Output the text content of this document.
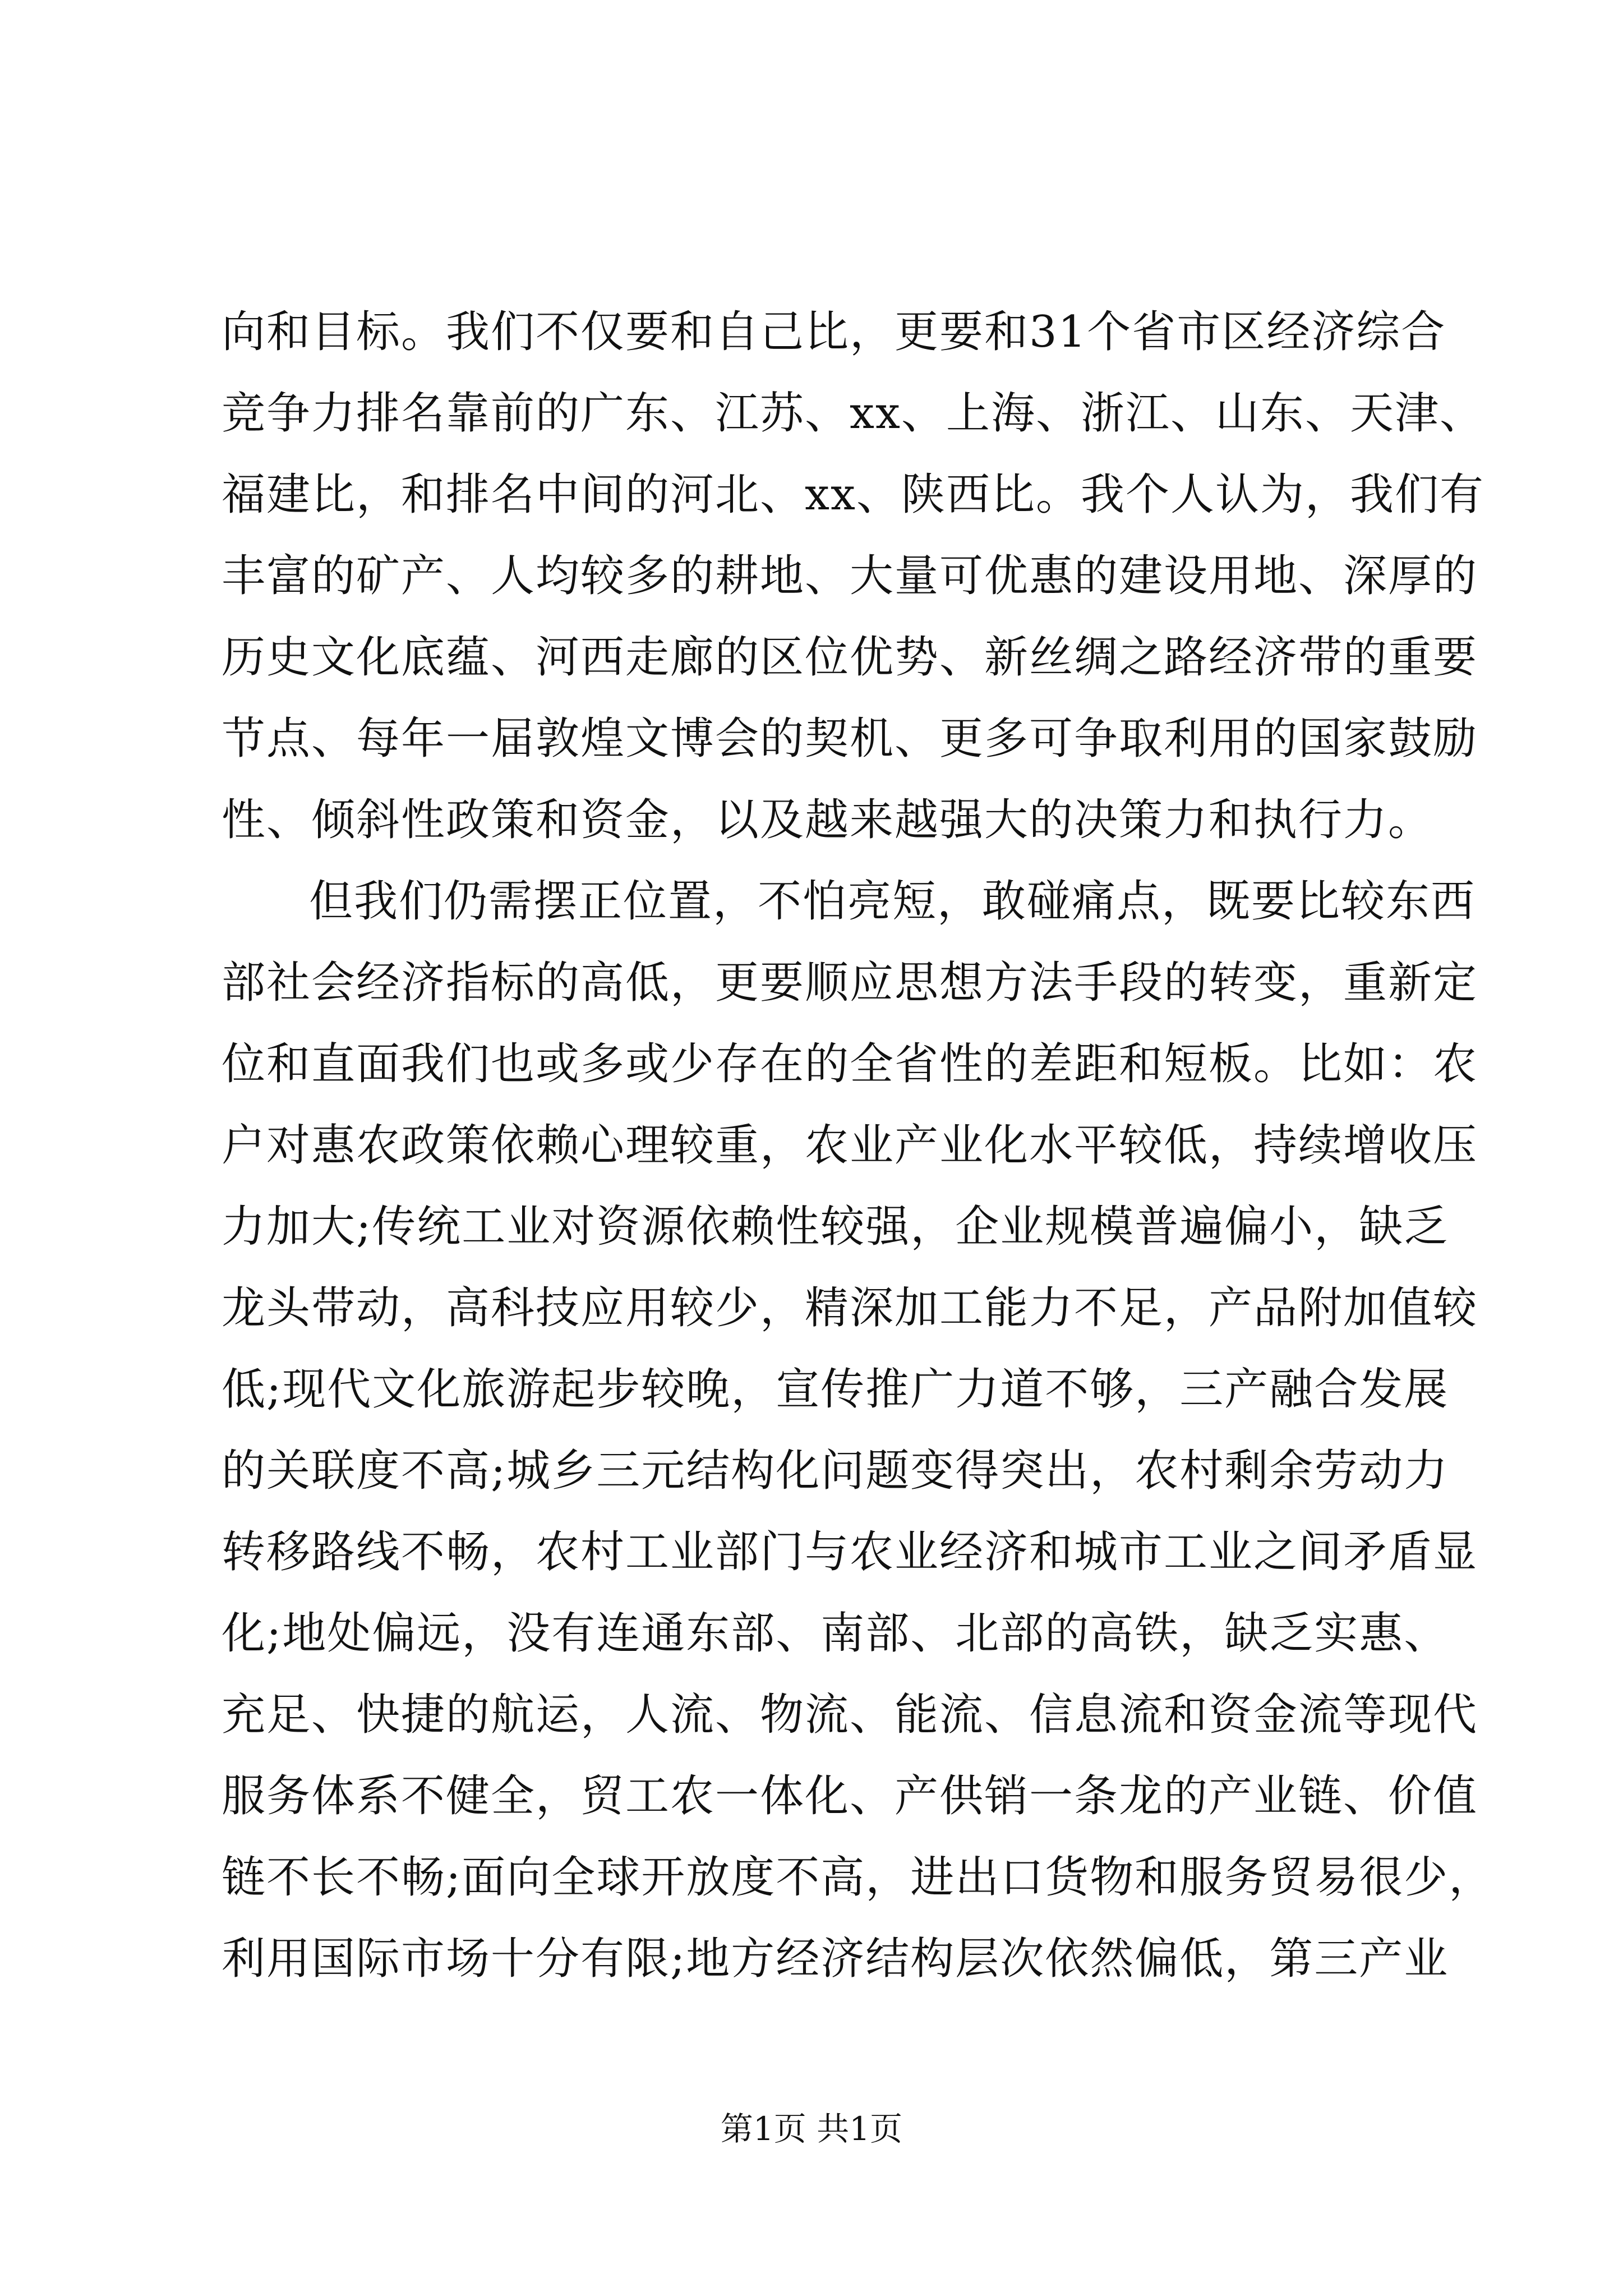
向和目标。我们不仅要和自己比，更要和31个省市区经济综合
竞争力排名靠前的广东、江苏、xx、上海、浙江、山东、天津、
福建比，和排名中间的河北、xx、陕西比。我个人认为，我们有
丰富的矿产、人均较多的耕地、大量可优惠的建设用地、深厚的
历史文化底蕴、河西走廊的区位优势、新丝绸之路经济带的重要
节点、每年一届敦煌文博会的契机、更多可争取利用的国家鼓励
性、倾斜性政策和资金，以及越来越强大的决策力和执行力。
但我们仍需摆正位置，不怕亮短，敢碰痛点，既要比较东西
部社会经济指标的高低，更要顺应思想方法手段的转变，重新定
位和直面我们也或多或少存在的全省性的差距和短板。比如：农
户对惠农政策依赖心理较重，农业产业化水平较低，持续增收压
力加大;传统工业对资源依赖性较强，企业规模普遍偏小，缺乏
龙头带动，高科技应用较少，精深加工能力不足，产品附加值较
低;现代文化旅游起步较晚，宣传推广力道不够，三产融合发展
的关联度不高;城乡三元结构化问题变得突出，农村剩余劳动力
转移路线不畅，农村工业部门与农业经济和城市工业之间矛盾显
化;地处偏远，没有连通东部、南部、北部的高铁，缺乏实惠、
充足、快捷的航运，人流、物流、能流、信息流和资金流等现代
服务体系不健全，贸工农一体化、产供销一条龙的产业链、价值
链不长不畅;面向全球开放度不高，进出口货物和服务贸易很少，
利用国际市场十分有限;地方经济结构层次依然偏低，第三产业
第1页 共1页
